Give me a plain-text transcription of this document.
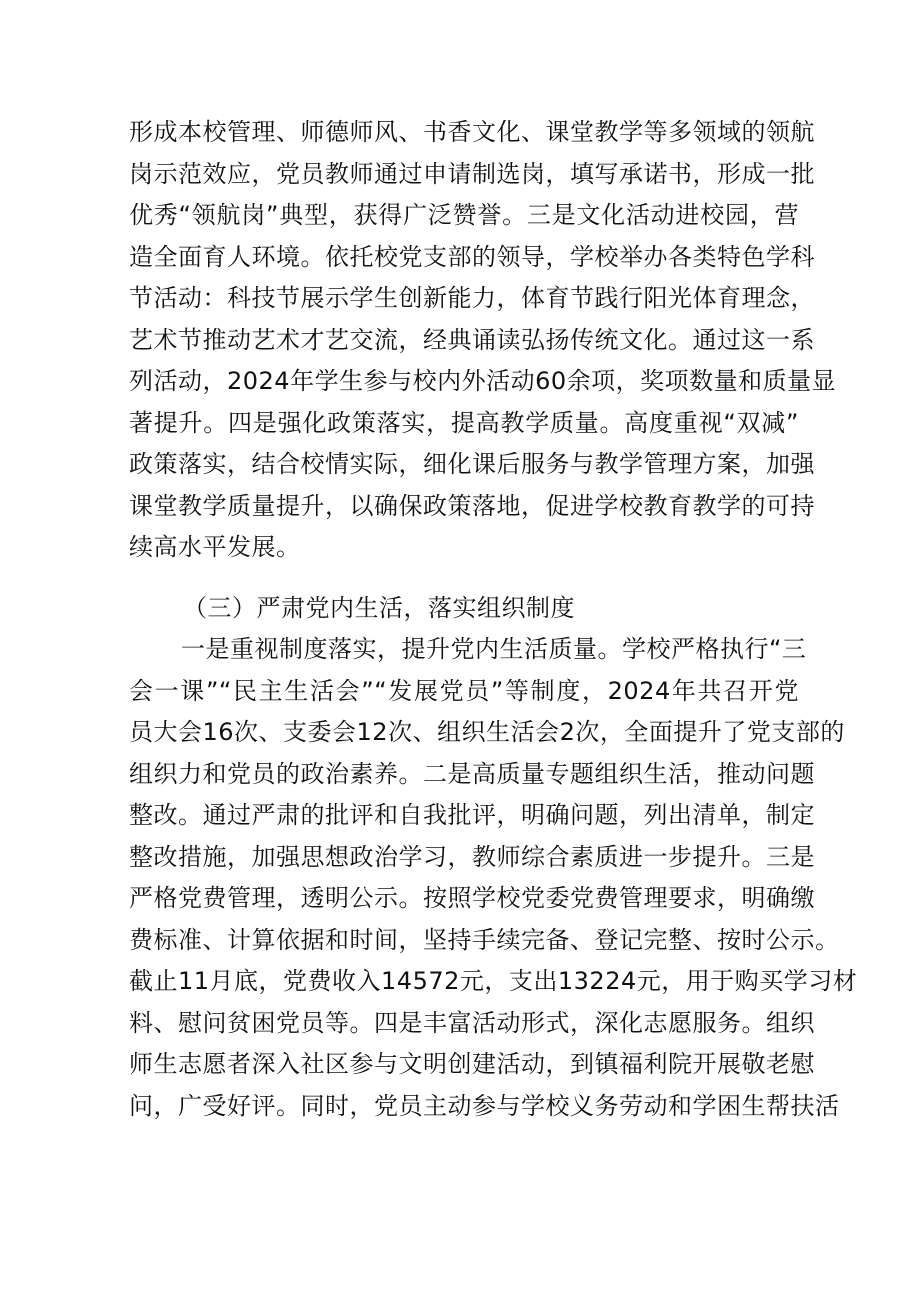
形成本校管理、师德师风、书香文化、课堂教学等多领域的领航
岗示范效应，党员教师通过申请制选岗，填写承诺书，形成一批
优秀“领航岗”典型，获得广泛赞誉。三是文化活动进校园，营
造全面育人环境。依托校党支部的领导，学校举办各类特色学科
节活动：科技节展示学生创新能力，体育节践行阳光体育理念，
艺术节推动艺术才艺交流，经典诵读弘扬传统文化。通过这一系
列活动，2024年学生参与校内外活动60余项，奖项数量和质量显
著提升。四是强化政策落实，提高教学质量。高度重视“双减”
政策落实，结合校情实际，细化课后服务与教学管理方案，加强
课堂教学质量提升，以确保政策落地，促进学校教育教学的可持
续高水平发展。
（三）严肃党内生活，落实组织制度
一是重视制度落实，提升党内生活质量。学校严格执行“三
会一课”“民主生活会”“发展党员”等制度，2024年共召开党
员大会16次、支委会12次、组织生活会2次，全面提升了党支部的
组织力和党员的政治素养。二是高质量专题组织生活，推动问题
整改。通过严肃的批评和自我批评，明确问题，列出清单，制定
整改措施，加强思想政治学习，教师综合素质进一步提升。三是
严格党费管理，透明公示。按照学校党委党费管理要求，明确缴
费标准、计算依据和时间，坚持手续完备、登记完整、按时公示。
截止11月底，党费收入14572元，支出13224元，用于购买学习材
料、慰问贫困党员等。四是丰富活动形式，深化志愿服务。组织
师生志愿者深入社区参与文明创建活动，到镇福利院开展敬老慰
问，广受好评。同时，党员主动参与学校义务劳动和学困生帮扶活
